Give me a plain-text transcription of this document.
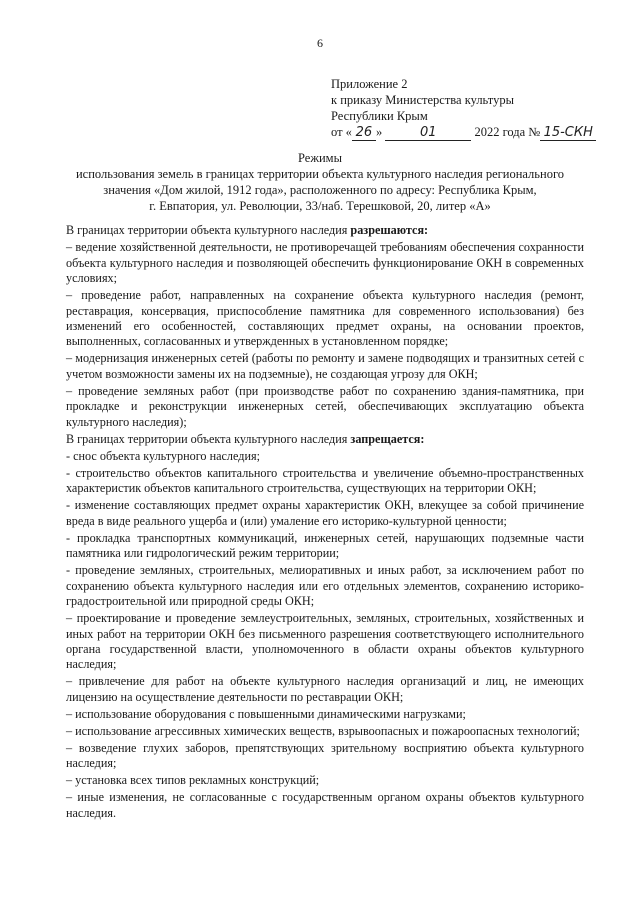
6
Приложение 2
к приказу Министерства культуры
Республики Крым
от « 26 »	01	2022 года № 15-СКН
Режимы
использования земель в границах территории объекта культурного наследия регионального
значения «Дом жилой, 1912 года», расположенного по адресу: Республика Крым,
г. Евпатория, ул. Революции, 33/наб. Терешковой, 20, литер «А»

В границах территории объекта культурного наследия разрешаются:

– ведение хозяйственной деятельности, не противоречащей требованиям обеспечения сохранности объекта культурного наследия и позволяющей обеспечить функционирование ОКН в современных условиях;
– проведение работ, направленных на сохранение объекта культурного наследия (ремонт, реставрация, консервация, приспособление памятника для современного использования) без изменений его особенностей, составляющих предмет охраны, на основании проектов, выполненных, согласованных и утвержденных в установленном порядке;
– модернизация инженерных сетей (работы по ремонту и замене подводящих и транзитных сетей с учетом возможности замены их на подземные), не создающая угрозу для ОКН;
– проведение земляных работ (при производстве работ по сохранению здания-памятника, при прокладке и реконструкции инженерных сетей, обеспечивающих эксплуатацию объекта культурного наследия);

В границах территории объекта культурного наследия запрещается:

- снос объекта культурного наследия;
- строительство объектов капитального строительства и увеличение объемно-пространственных характеристик объектов капитального строительства, существующих на территории ОКН;
- изменение составляющих предмет охраны характеристик ОКН, влекущее за собой причинение вреда в виде реального ущерба и (или) умаление его историко-культурной ценности;
- прокладка транспортных коммуникаций, инженерных сетей, нарушающих подземные части памятника или гидрологический режим территории;
- проведение земляных, строительных, мелиоративных и иных работ, за исключением работ по сохранению объекта культурного наследия или его отдельных элементов, сохранению историко-градостроительной или природной среды ОКН;
– проектирование и проведение землеустроительных, земляных, строительных, хозяйственных и иных работ на территории ОКН без письменного разрешения соответствующего исполнительного органа государственной власти, уполномоченного в области охраны объектов культурного наследия;
– привлечение для работ на объекте культурного наследия организаций и лиц, не имеющих лицензию на осуществление деятельности по реставрации ОКН;
– использование оборудования с повышенными динамическими нагрузками;
– использование агрессивных химических веществ, взрывоопасных и пожароопасных технологий;
– возведение глухих заборов, препятствующих зрительному восприятию объекта культурного наследия;
– установка всех типов рекламных конструкций;
– иные изменения, не согласованные с государственным органом охраны объектов культурного наследия.
